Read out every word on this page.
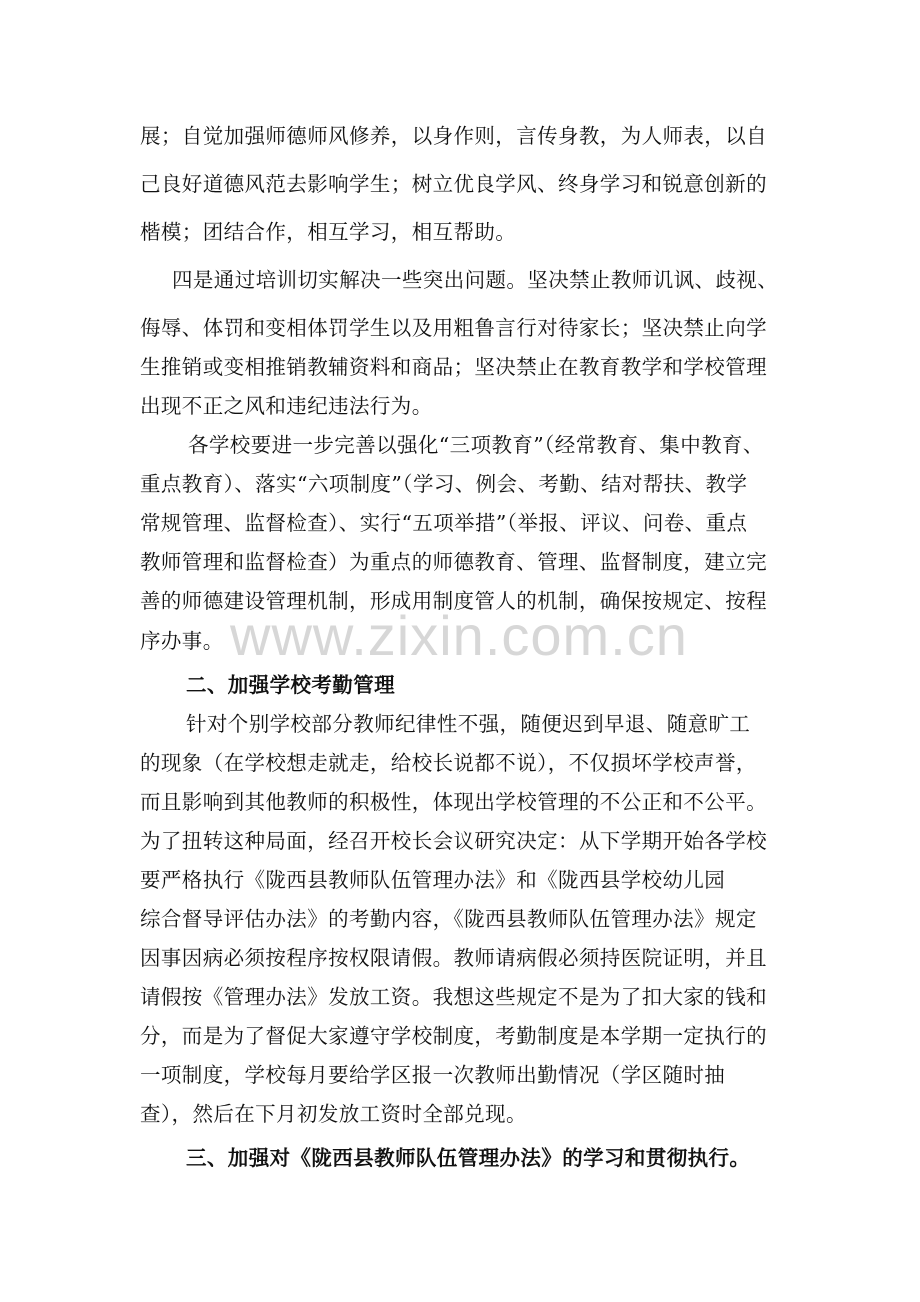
展；自觉加强师德师风修养，以身作则，言传身教，为人师表，以自
己良好道德风范去影响学生；树立优良学风、终身学习和锐意创新的
楷模；团结合作，相互学习，相互帮助。
四是通过培训切实解决一些突出问题。坚决禁止教师讥讽、歧视、
侮辱、体罚和变相体罚学生以及用粗鲁言行对待家长；坚决禁止向学
生推销或变相推销教辅资料和商品；坚决禁止在教育教学和学校管理
出现不正之风和违纪违法行为。
各学校要进一步完善以强化“三项教育”（经常教育、集中教育、
重点教育）、落实“六项制度”（学习、例会、考勤、结对帮扶、教学
常规管理、监督检查）、实行“五项举措”（举报、评议、问卷、重点
教师管理和监督检查）为重点的师德教育、管理、监督制度，建立完
善的师德建设管理机制，形成用制度管人的机制，确保按规定、按程
序办事。 www.zixin.com.cn
二、加强学校考勤管理
针对个别学校部分教师纪律性不强，随便迟到早退、随意旷工
的现象（在学校想走就走，给校长说都不说），不仅损坏学校声誉，
而且影响到其他教师的积极性，体现出学校管理的不公正和不公平。
为了扭转这种局面，经召开校长会议研究决定：从下学期开始各学校
要严格执行《陇西县教师队伍管理办法》和《陇西县学校幼儿园
综合督导评估办法》的考勤内容，《陇西县教师队伍管理办法》规定
因事因病必须按程序按权限请假。教师请病假必须持医院证明，并且
请假按《管理办法》发放工资。我想这些规定不是为了扣大家的钱和
分，而是为了督促大家遵守学校制度，考勤制度是本学期一定执行的
一项制度，学校每月要给学区报一次教师出勤情况（学区随时抽
查），然后在下月初发放工资时全部兑现。
三、加强对《陇西县教师队伍管理办法》的学习和贯彻执行。
